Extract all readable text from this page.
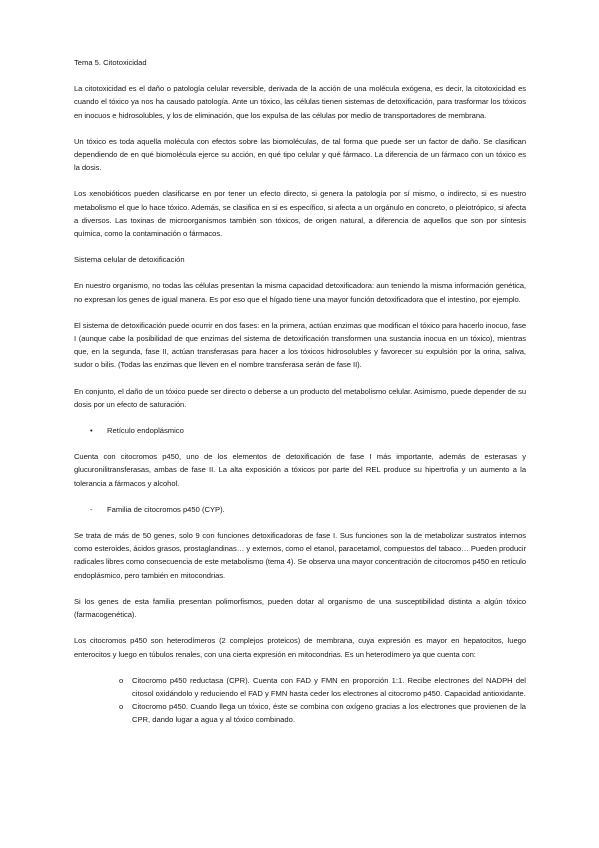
Tema 5. Citotoxicidad

La citotoxicidad es el daño o patología celular reversible, derivada de la acción de una molécula exógena, es decir, la citotoxicidad es cuando el tóxico ya nos ha causado patología. Ante un tóxico, las células tienen sistemas de detoxificación, para trasformar los tóxicos en inocuos e hidrosolubles, y los de eliminación, que los expulsa de las células por medio de transportadores de membrana.

Un tóxico es toda aquella molécula con efectos sobre las biomoléculas, de tal forma que puede ser un factor de daño. Se clasifican dependiendo de en qué biomolécula ejerce su acción, en qué tipo celular y qué fármaco. La diferencia de un fármaco con un tóxico es la dosis.

Los xenobióticos pueden clasificarse en por tener un efecto directo, si genera la patología por sí mismo, o indirecto, si es nuestro metabolismo el que lo hace tóxico. Además, se clasifica en si es específico, si afecta a un orgánulo en concreto, o pleiotrópico, si afecta a diversos. Las toxinas de microorganismos también son tóxicos, de origen natural, a diferencia de aquellos que son por síntesis química, como la contaminación o fármacos.

Sistema celular de detoxificación

En nuestro organismo, no todas las células presentan la misma capacidad detoxificadora: aun teniendo la misma información genética, no expresan los genes de igual manera. Es por eso que el hígado tiene una mayor función detoxificadora que el intestino, por ejemplo.

El sistema de detoxificación puede ocurrir en dos fases: en la primera, actúan enzimas que modifican el tóxico para hacerlo inocuo, fase I (aunque cabe la posibilidad de que enzimas del sistema de detoxificación transformen una sustancia inocua en un tóxico), mientras que, en la segunda, fase II, actúan transferasas para hacer a los tóxicos hidrosolubles y favorecer su expulsión por la orina, saliva, sudor o bilis. (Todas las enzimas que lleven en el nombre transferasa serán de fase II).

En conjunto, el daño de un tóxico puede ser directo o deberse a un producto del metabolismo celular. Asimismo, puede depender de su dosis por un efecto de saturación.

• Retículo endoplásmico

Cuenta con citocromos p450, uno de los elementos de detoxificación de fase I más importante, además de esterasas y glucuronilitransferasas, ambas de fase II. La alta exposición a tóxicos por parte del REL produce su hipertrofia y un aumento a la tolerancia a fármacos y alcohol.

- Familia de citocromos p450 (CYP).

Se trata de más de 50 genes, solo 9 con funciones detoxificadoras de fase I. Sus funciones son la de metabolizar sustratos internos como esteroides, ácidos grasos, prostaglandinas… y externos, como el etanol, paracetamol, compuestos del tabaco… Pueden producir radicales libres como consecuencia de este metabolismo (tema 4). Se observa una mayor concentración de citocromos p450 en retículo endoplásmico, pero también en mitocondrias.

Si los genes de esta familia presentan polimorfismos, pueden dotar al organismo de una susceptibilidad distinta a algún tóxico (farmacogenética).

Los citocromos p450 son heterodímeros (2 complejos proteicos) de membrana, cuya expresión es mayor en hepatocitos, luego enterocitos y luego en túbulos renales, con una cierta expresión en mitocondrias. Es un heterodímero ya que cuenta con:

o Citocromo p450 reductasa (CPR). Cuenta con FAD y FMN en proporción 1:1. Recibe electrones del NADPH del citosol oxidándolo y reduciendo el FAD y FMN hasta ceder los electrones al citocromo p450. Capacidad antioxidante.
o Citocromo p450. Cuando llega un tóxico, éste se combina con oxígeno gracias a los electrones que provienen de la CPR, dando lugar a agua y al tóxico combinado.
